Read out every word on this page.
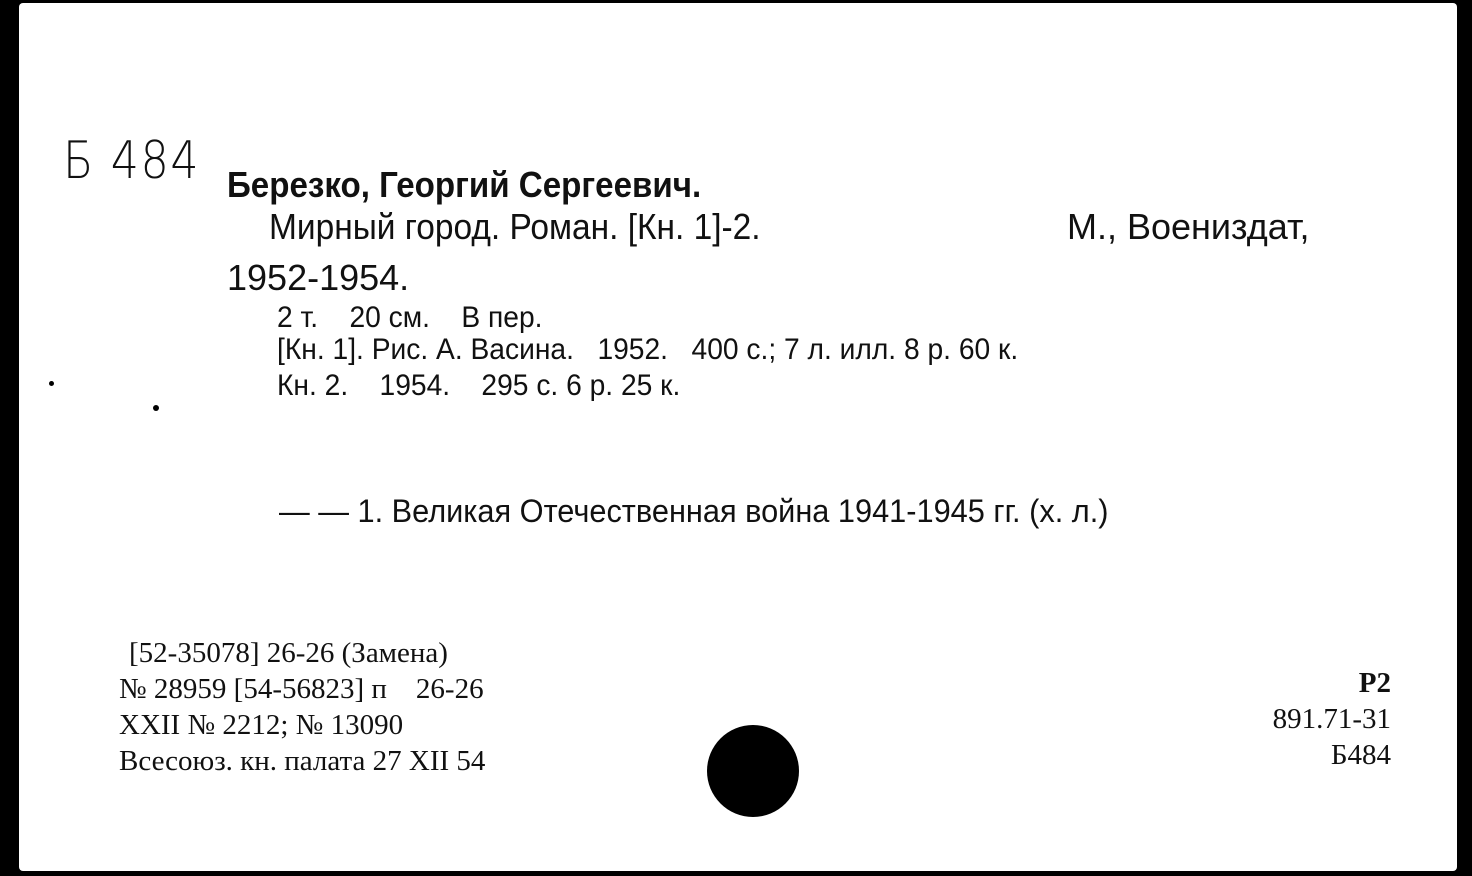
Б 484 Березко, Георгий Сергеевич.
Мирный город. Роман. [Кн. 1]-2.	М., Воениздат,
1952-1954.
2 т.    20 см.    В пер.
[Кн. 1]. Рис. А. Васина.   1952.   400 с.; 7 л. илл. 8 р. 60 к.
Кн. 2.    1954.    295 с. 6 р. 25 к.
— — 1. Великая Отечественная война 1941-1945 гг. (х. л.)
[52-35078] 26-26 (Замена)
№ 28959 [54-56823] п    26-26
XXII № 2212; № 13090
Всесоюз. кн. палата 27 XII 54
Р2
891.71-31
Б484
